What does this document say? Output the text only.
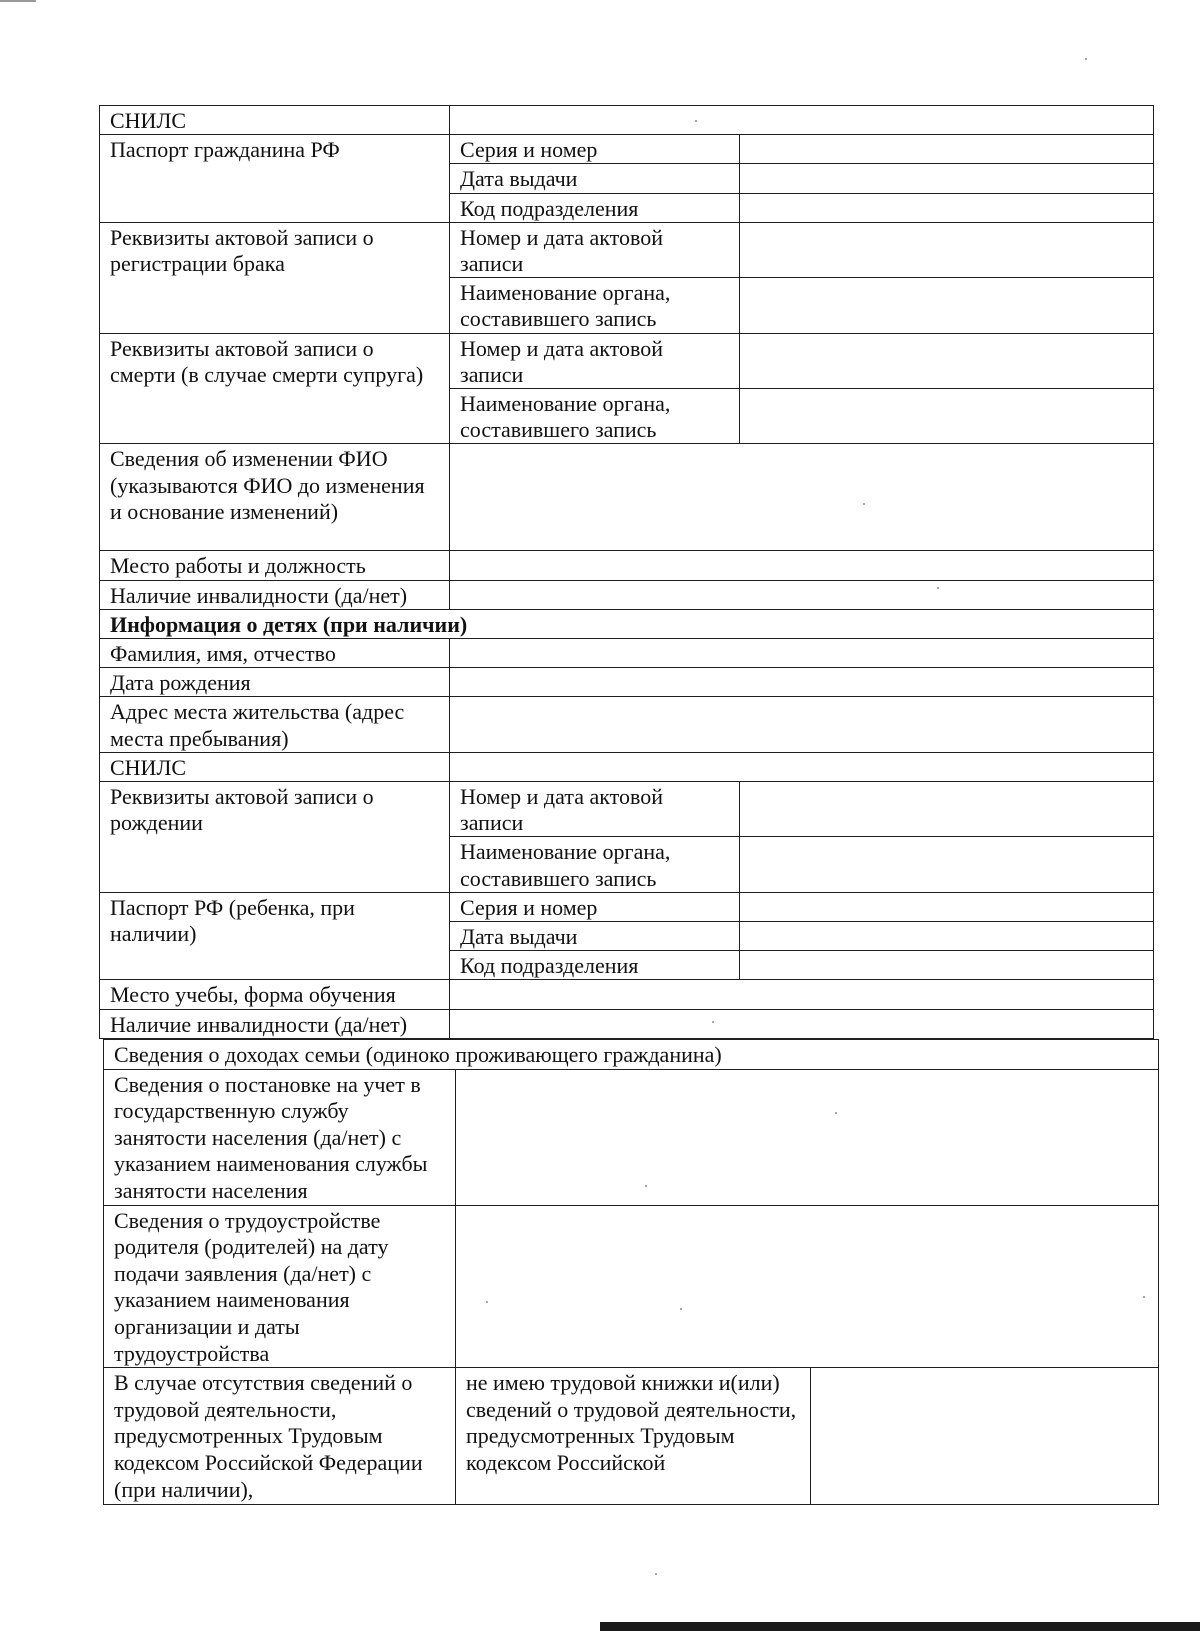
СНИЛС		
Паспорт гражданина РФ	Серия и номер	
	Дата выдачи	
	Код подразделения	
Реквизиты актовой записи о регистрации брака	Номер и дата актовой записи	
	Наименование органа, составившего запись	
Реквизиты актовой записи о смерти (в случае смерти супруга)	Номер и дата актовой записи	
	Наименование органа, составившего запись	
Сведения об изменении ФИО (указываются ФИО до изменения и основание изменений)		
Место работы и должность		
Наличие инвалидности (да/нет)		
Информация о детях (при наличии)		
Фамилия, имя, отчество		
Дата рождения		
Адрес места жительства (адрес места пребывания)		
СНИЛС		
Реквизиты актовой записи о рождении	Номер и дата актовой записи	
	Наименование органа, составившего запись	
Паспорт РФ (ребенка, при наличии)	Серия и номер	
	Дата выдачи	
	Код подразделения	
Место учебы, форма обучения		
Наличие инвалидности (да/нет)		
Сведения о доходах семьи (одиноко проживающего гражданина)		
Сведения о постановке на учет в государственную службу занятости населения (да/нет) с указанием наименования службы занятости населения		
Сведения о трудоустройстве родителя (родителей) на дату подачи заявления (да/нет) с указанием наименования организации и даты трудоустройства		
В случае отсутствия сведений о трудовой деятельности, предусмотренных Трудовым кодексом Российской Федерации (при наличии),	не имею трудовой книжки и(или) сведений о трудовой деятельности, предусмотренных Трудовым кодексом Российской	
